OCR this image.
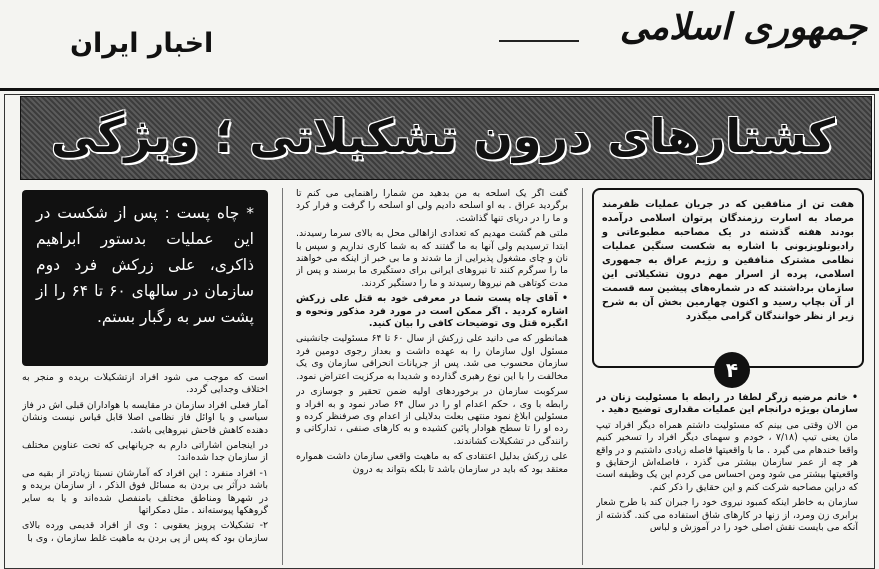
جمهوری اسلامی
اخبار ایران
کشتارهای درون تشکیلاتی ؛ ویژگی
هفت تن از منافقین که در جریان عملیات ظفرمند مرصاد به اسارت رزمندگان پرتوان اسلامی درآمده بودند هفته گذشته در یک مصاحبه مطبوعاتی و رادیوتلویزیونی با اشاره به شکست سنگین عملیات نظامی مشترک منافقین و رژیم عراق به جمهوری اسلامی، پرده از اسرار مهم درون تشکیلاتی این سازمان برداشتند که در شماره‌های پیشین سه قسمت از آن بچاپ رسید و اکنون چهارمین بخش آن به شرح زیر از نظر خوانندگان گرامی میگذرد
۴
* چاه پست : پس از شکست در این عملیات بدستور ابراهیم ذاکری، علی زرکش فرد دوم سازمان در سالهای ۶۰ تا ۶۴ را از پشت سر به رگبار بستم.

گفت اگر یک اسلحه به من بدهید من شمارا راهنمایی می کنم تا برگردید عراق . به او اسلحه دادیم ولی او اسلحه را گرفت و فرار کرد و ما را در دریای تنها گذاشت.

ملتی هم گشت مهدیم که تعدادی ازاهالی محل به بالای سرما رسیدند. ابتدا ترسیدیم ولی آنها به ما گفتند که به شما کاری نداریم و سپس با نان و چای مشغول پذیرایی از ما شدند و ما بی خبر از اینکه می خواهند ما را سرگرم کنند تا نیروهای ایرانی برای دستگیری ما برسند و پس از مدت کوتاهی هم نیروها رسیدند و ما را دستگیر کردند.

• آقای چاه پست شما در معرفی خود به قتل علی زرکش اشاره کردید . اگر ممکن است در مورد فرد مذکور ونحوه و انگیزه قتل وی توضیحات کافی را بیان کنید.

همانطور که می دانید علی زرکش از سال ۶۰ تا ۶۴ مسئولیت جانشینی مسئول اول سازمان را به عهده داشت و بعداز رجوی دومین فرد سازمان محسوب می شد. پس از جریانات انحرافی سازمان وی یک مخالفت را با این نوع رهبری گذارده و شدیدا به مرکزیت اعتراض نمود.

سرکوبت سازمان در برخوردهای اولیه ضمن تحقیر و جوسازی در رابطه با وی ، حکم اعدام او را در سال ۶۴ صادر نمود و به افراد و مسئولین ابلاغ نمود منتهی بعلت بدلایلی از اعدام وی صرفنظر کرده و رده او را تا سطح هوادار پائین کشیده و به کارهای صنفی ، تدارکاتی و رانندگی در تشکیلات کشاندند.

علی زرکش بدلیل اعتقادی که به ماهیت واقعی سازمان داشت همواره معتقد بود که باید در سازمان باشد تا بلکه بتواند به درون

است که موجب می شود افراد ازتشکیلات بریده و منجر به اختلاف وجدایی گردد.

آمار فعلی افراد سازمان در مقایسه با هواداران قبلی اش در فاز سیاسی و یا اوائل فاز نظامی اصلا قابل قیاس نیست ونشان دهنده کاهش فاحش نیروهایی باشد.

در اینجامن اشاراتی دارم به جریانهایی که تحت عناوین مختلف از سازمان جدا شده‌اند:

۱- افراد منفرد : این افراد که آمارشان نسبتا زیادتر از بقیه می باشد درآثر بی بردن به مسائل فوق الذکر ، از سازمان بریده و در شهرها ومناطق مختلف بامنفصل شده‌اند و یا به سایر گروهکها پیوسته‌اند . مثل دمکراتها

۲- تشکیلات پرویز یعقوبی : وی از افراد قدیمی ورده بالای سازمان بود که پس از پی بردن به ماهیت غلط سازمان ، وی با

• خانم مرضیه زرگر لطفا در رابطه با مسئولیت زنان در سازمان بویژه درانجام این عملیات مقداری توضیح دهید .

من الان وقتی می بینم که مسئولیت داشتم همراه دیگر افراد تیپ مان یعنی تیپ (۷/۱۸ ، خودم و سهمای دیگر افراد را تسخیر کنیم واقعا خندهام می گیرد . ما با واقعیتها فاصله زیادی داشتیم و در واقع هر چه از عمر سازمان بیشتر می گذرد ، فاصله‌اش ازحقایق و واقعیتها بیشتر می شود ومن احساس می کردم این یک وظیفه است که دراین مصاحبه شرکت کنم و این حقایق را ذکر کنم.

سازمان به خاطر اینکه کمبود نیروی خود را جبران کند با طرح شعار برابری زن ومرد، از زنها در کارهای شاق استفاده می کند. گذشته از آنکه می بایست نقش اصلی خود را در آموزش و لباس
